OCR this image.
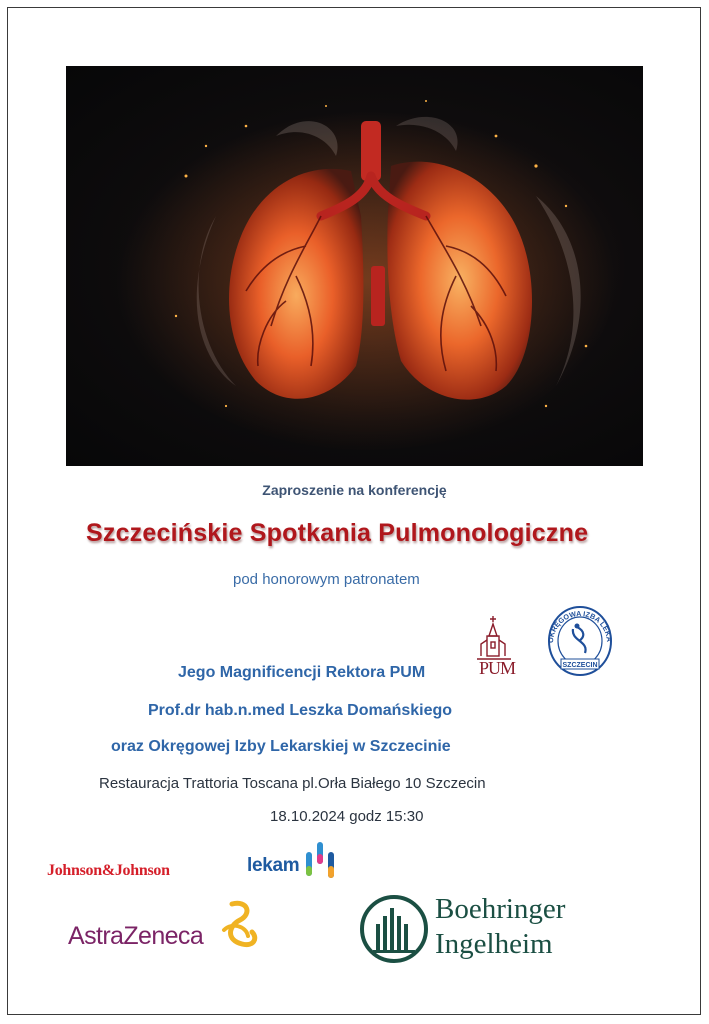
Zaproszenie na konferencję
Szczecińskie Spotkania Pulmonologiczne
pod honorowym patronatem
PUM
OKRĘGOWA IZBA LEKA
SZCZECIN
Jego Magnificencji Rektora PUM
Prof.dr hab.n.med Leszka Domańskiego
oraz Okręgowej Izby Lekarskiej w Szczecinie
Restauracja Trattoria Toscana pl.Orła Białego 10 Szczecin
18.10.2024 godz 15:30
Johnson&Johnson	lekam
AstraZeneca
Boehringer
Ingelheim
